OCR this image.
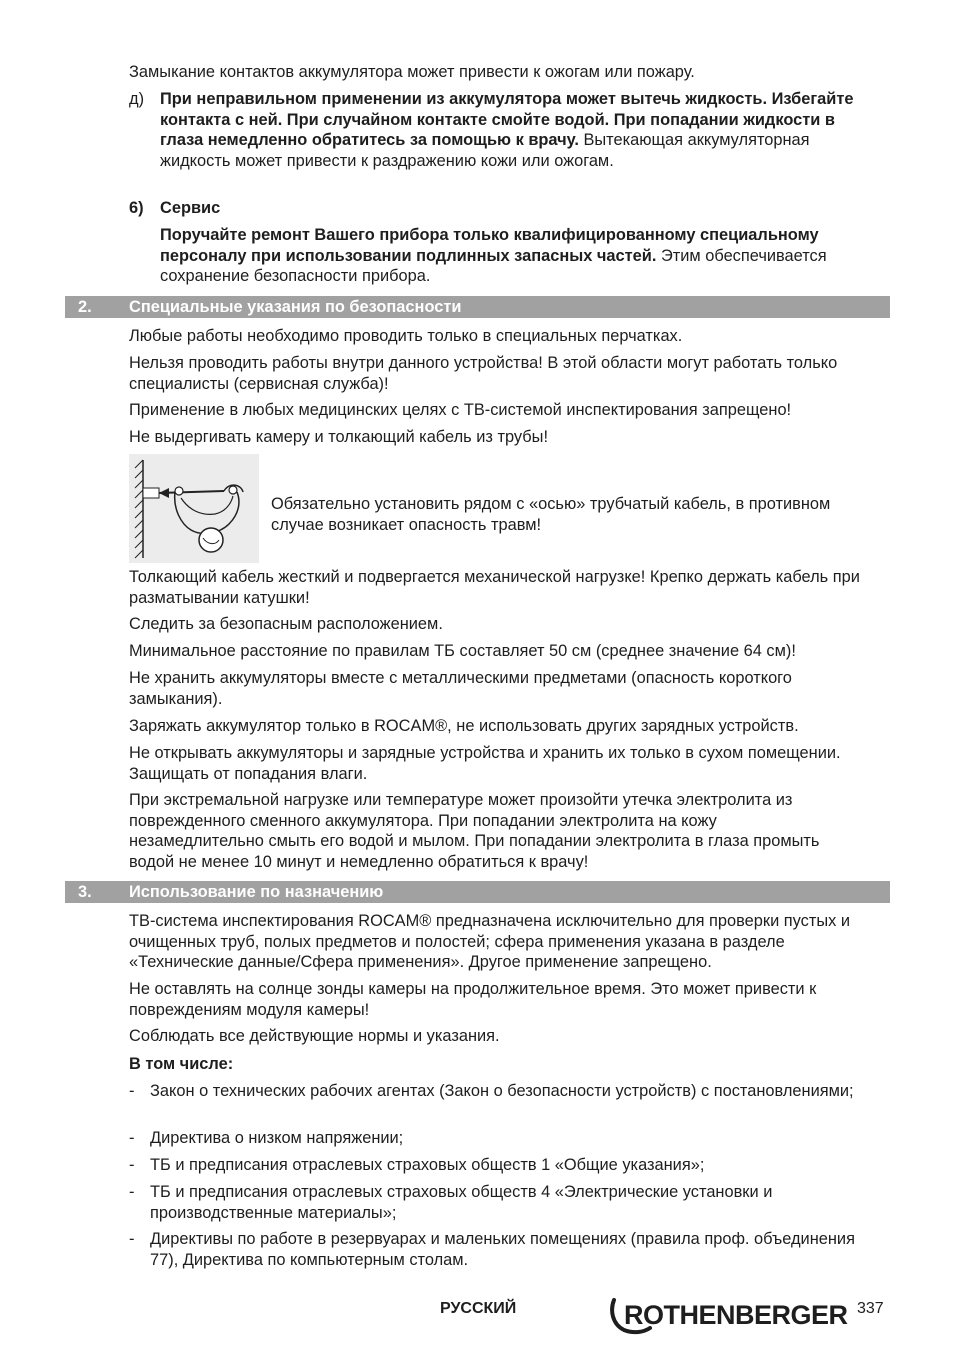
Замыкание контактов аккумулятора может привести к ожогам или пожару.
д) При неправильном применении из аккумулятора может вытечь жидкость. Избегайте контакта с ней. При случайном контакте смойте водой. При попадании жидкости в глаза немедленно обратитесь за помощью к врачу. Вытекающая аккумуляторная жидкость может привести к раздражению кожи или ожогам.
6) Сервис
Поручайте ремонт Вашего прибора только квалифицированному специальному персоналу при использовании подлинных запасных частей. Этим обеспечивается сохранение безопасности прибора.
2. Специальные указания по безопасности
Любые работы необходимо проводить только в специальных перчатках.
Нельзя проводить работы внутри данного устройства! В этой области могут работать только специалисты (сервисная служба)!
Применение в любых медицинских целях с ТВ-системой инспектирования запрещено!
Не выдергивать камеру и толкающий кабель из трубы!
Обязательно установить рядом с «осью» трубчатый кабель, в противном случае возникает опасность травм!
Толкающий кабель жесткий и подвергается механической нагрузке! Крепко держать кабель при разматывании катушки!
Следить за безопасным расположением.
Минимальное расстояние по правилам ТБ составляет 50 см (среднее значение 64 см)!
Не хранить аккумуляторы вместе с металлическими предметами (опасность короткого замыкания).
Заряжать аккумулятор только в ROCAM®, не использовать других зарядных устройств.
Не открывать аккумуляторы и зарядные устройства и хранить их только в сухом помещении. Защищать от попадания влаги.
При экстремальной нагрузке или температуре может произойти утечка электролита из поврежденного сменного аккумулятора. При попадании электролита на кожу незамедлительно смыть его водой и мылом. При попадании электролита в глаза промыть водой не менее 10 минут и немедленно обратиться к врачу!
3. Использование по назначению
ТВ-система инспектирования ROCAM® предназначена исключительно для проверки пустых и очищенных труб, полых предметов и полостей; сфера применения указана в разделе «Технические данные/Сфера применения». Другое применение запрещено.
Не оставлять на солнце зонды камеры на продолжительное время. Это может привести к повреждениям модуля камеры!
Соблюдать все действующие нормы и указания.
В том числе:
- Закон о технических рабочих агентах (Закон о безопасности устройств) с постановлениями;
- Директива о низком напряжении;
- ТБ и предписания отраслевых страховых обществ 1 «Общие указания»;
- ТБ и предписания отраслевых страховых обществ 4 «Электрические установки и производственные материалы»;
- Директивы по работе в резервуарах и маленьких помещениях (правила проф. объединения 77), Директива по компьютерным столам.
РУССКИЙ	ROTHENBERGER 337
